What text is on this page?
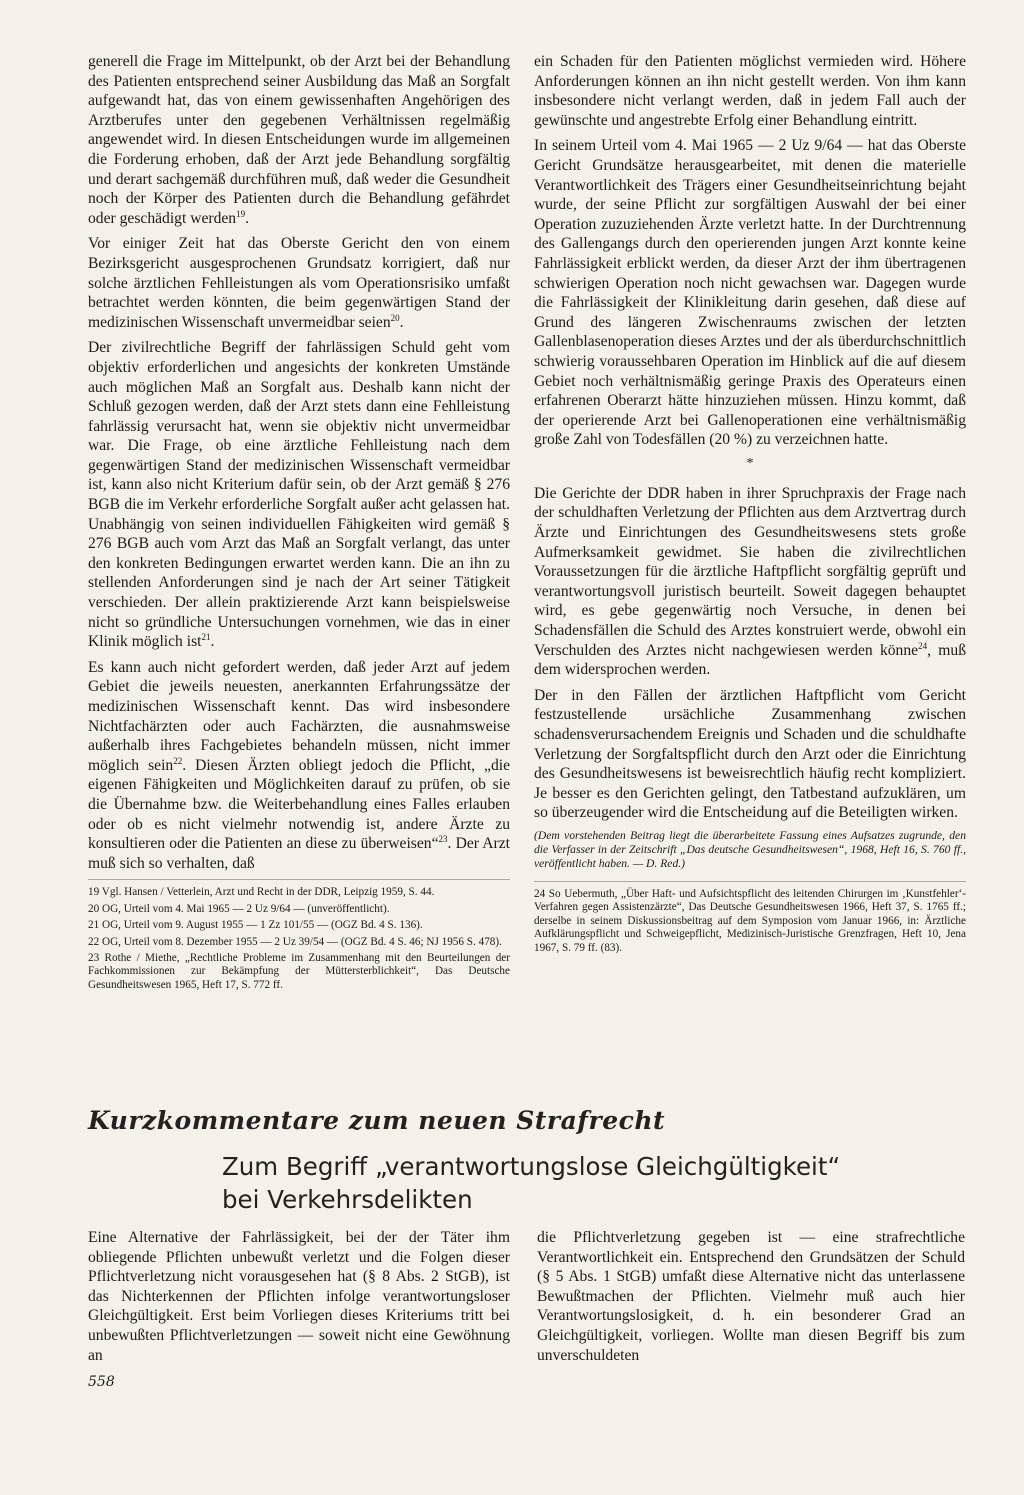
generell die Frage im Mittelpunkt, ob der Arzt bei der Behandlung des Patienten entsprechend seiner Ausbildung das Maß an Sorgfalt aufgewandt hat, das von einem gewissenhaften Angehörigen des Arztberufes unter den gegebenen Verhältnissen regelmäßig angewendet wird. In diesen Entscheidungen wurde im allgemeinen die Forderung erhoben, daß der Arzt jede Behandlung sorgfältig und derart sachgemäß durchführen muß, daß weder die Gesundheit noch der Körper des Patienten durch die Behandlung gefährdet oder geschädigt werden$^{19}$.

Vor einiger Zeit hat das Oberste Gericht den von einem Bezirksgericht ausgesprochenen Grundsatz korrigiert, daß nur solche ärztlichen Fehlleistungen als vom Operationsrisiko umfaßt betrachtet werden könnten, die beim gegenwärtigen Stand der medizinischen Wissenschaft unvermeidbar seien$^{20}$.

Der zivilrechtliche Begriff der fahrlässigen Schuld geht vom objektiv erforderlichen und angesichts der konkreten Umstände auch möglichen Maß an Sorgfalt aus. Deshalb kann nicht der Schluß gezogen werden, daß der Arzt stets dann eine Fehlleistung fahrlässig verursacht hat, wenn sie objektiv nicht unvermeidbar war. Die Frage, ob eine ärztliche Fehlleistung nach dem gegenwärtigen Stand der medizinischen Wissenschaft vermeidbar ist, kann also nicht Kriterium dafür sein, ob der Arzt gemäß § 276 BGB die im Verkehr erforderliche Sorgfalt außer acht gelassen hat. Unabhängig von seinen individuellen Fähigkeiten wird gemäß § 276 BGB auch vom Arzt das Maß an Sorgfalt verlangt, das unter den konkreten Bedingungen erwartet werden kann. Die an ihn zu stellenden Anforderungen sind je nach der Art seiner Tätigkeit verschieden. Der allein praktizierende Arzt kann beispielsweise nicht so gründliche Untersuchungen vornehmen, wie das in einer Klinik möglich ist$^{21}$.

Es kann auch nicht gefordert werden, daß jeder Arzt auf jedem Gebiet die jeweils neuesten, anerkannten Erfahrungssätze der medizinischen Wissenschaft kennt. Das wird insbesondere Nichtfachärzten oder auch Fachärzten, die ausnahmsweise außerhalb ihres Fachgebietes behandeln müssen, nicht immer möglich sein$^{22}$. Diesen Ärzten obliegt jedoch die Pflicht, „die eigenen Fähigkeiten und Möglichkeiten darauf zu prüfen, ob sie die Übernahme bzw. die Weiterbehandlung eines Falles erlauben oder ob es nicht vielmehr notwendig ist, andere Ärzte zu konsultieren oder die Patienten an diese zu überweisen“$^{23}$. Der Arzt muß sich so verhalten, daß

19 Vgl. Hansen / Vetterlein, Arzt und Recht in der DDR, Leipzig 1959, S. 44.

20 OG, Urteil vom 4. Mai 1965 — 2 Uz 9/64 — (unveröffentlicht).

21 OG, Urteil vom 9. August 1955 — 1 Zz 101/55 — (OGZ Bd. 4 S. 136).

22 OG, Urteil vom 8. Dezember 1955 — 2 Uz 39/54 — (OGZ Bd. 4 S. 46; NJ 1956 S. 478).

23 Rothe / Miethe, „Rechtliche Probleme im Zusammenhang mit den Beurteilungen der Fachkommissionen zur Bekämpfung der Müttersterblichkeit“, Das Deutsche Gesundheitswesen 1965, Heft 17, S. 772 ff.

ein Schaden für den Patienten möglichst vermieden wird. Höhere Anforderungen können an ihn nicht gestellt werden. Von ihm kann insbesondere nicht verlangt werden, daß in jedem Fall auch der gewünschte und angestrebte Erfolg einer Behandlung eintritt.

In seinem Urteil vom 4. Mai 1965 — 2 Uz 9/64 — hat das Oberste Gericht Grundsätze herausgearbeitet, mit denen die materielle Verantwortlichkeit des Trägers einer Gesundheitseinrichtung bejaht wurde, der seine Pflicht zur sorgfältigen Auswahl der bei einer Operation zuzuziehenden Ärzte verletzt hatte. In der Durchtrennung des Gallengangs durch den operierenden jungen Arzt konnte keine Fahrlässigkeit erblickt werden, da dieser Arzt der ihm übertragenen schwierigen Operation noch nicht gewachsen war. Dagegen wurde die Fahrlässigkeit der Klinikleitung darin gesehen, daß diese auf Grund des längeren Zwischenraums zwischen der letzten Gallenblasenoperation dieses Arztes und der als überdurchschnittlich schwierig voraussehbaren Operation im Hinblick auf die auf diesem Gebiet noch verhältnismäßig geringe Praxis des Operateurs einen erfahrenen Oberarzt hätte hinzuziehen müssen. Hinzu kommt, daß der operierende Arzt bei Gallenoperationen eine verhältnismäßig große Zahl von Todesfällen (20 %) zu verzeichnen hatte.

*

Die Gerichte der DDR haben in ihrer Spruchpraxis der Frage nach der schuldhaften Verletzung der Pflichten aus dem Arztvertrag durch Ärzte und Einrichtungen des Gesundheitswesens stets große Aufmerksamkeit gewidmet. Sie haben die zivilrechtlichen Voraussetzungen für die ärztliche Haftpflicht sorgfältig geprüft und verantwortungsvoll juristisch beurteilt. Soweit dagegen behauptet wird, es gebe gegenwärtig noch Versuche, in denen bei Schadensfällen die Schuld des Arztes konstruiert werde, obwohl ein Verschulden des Arztes nicht nachgewiesen werden könne$^{24}$, muß dem widersprochen werden.

Der in den Fällen der ärztlichen Haftpflicht vom Gericht festzustellende ursächliche Zusammenhang zwischen schadensverursachendem Ereignis und Schaden und die schuldhafte Verletzung der Sorgfaltspflicht durch den Arzt oder die Einrichtung des Gesundheitswesens ist beweisrechtlich häufig recht kompliziert. Je besser es den Gerichten gelingt, den Tatbestand aufzuklären, um so überzeugender wird die Entscheidung auf die Beteiligten wirken.

(Dem vorstehenden Beitrag liegt die überarbeitete Fassung eines Aufsatzes zugrunde, den die Verfasser in der Zeitschrift „Das deutsche Gesundheitswesen“, 1968, Heft 16, S. 760 ff., veröffentlicht haben. — D. Red.)

24 So Uebermuth, „Über Haft- und Aufsichtspflicht des leitenden Chirurgen im ‚Kunstfehler‘-Verfahren gegen Assistenzärzte“, Das Deutsche Gesundheitswesen 1966, Heft 37, S. 1765 ff.; derselbe in seinem Diskussionsbeitrag auf dem Symposion vom Januar 1966, in: Ärztliche Aufklärungspflicht und Schweigepflicht, Medizinisch-Juristische Grenzfragen, Heft 10, Jena 1967, S. 79 ff. (83).

Kurzkommentare zum neuen Strafrecht
Zum Begriff „verantwortungslose Gleichgültigkeit“
bei Verkehrsdelikten

Eine Alternative der Fahrlässigkeit, bei der der Täter ihm obliegende Pflichten unbewußt verletzt und die Folgen dieser Pflichtverletzung nicht vorausgesehen hat (§ 8 Abs. 2 StGB), ist das Nichterkennen der Pflichten infolge verantwortungsloser Gleichgültigkeit. Erst beim Vorliegen dieses Kriteriums tritt bei unbewußten Pflichtverletzungen — soweit nicht eine Gewöhnung an

die Pflichtverletzung gegeben ist — eine strafrechtliche Verantwortlichkeit ein. Entsprechend den Grundsätzen der Schuld (§ 5 Abs. 1 StGB) umfaßt diese Alternative nicht das unterlassene Bewußtmachen der Pflichten. Vielmehr muß auch hier Verantwortungslosigkeit, d. h. ein besonderer Grad an Gleichgültigkeit, vorliegen. Wollte man diesen Begriff bis zum unverschuldeten

558
